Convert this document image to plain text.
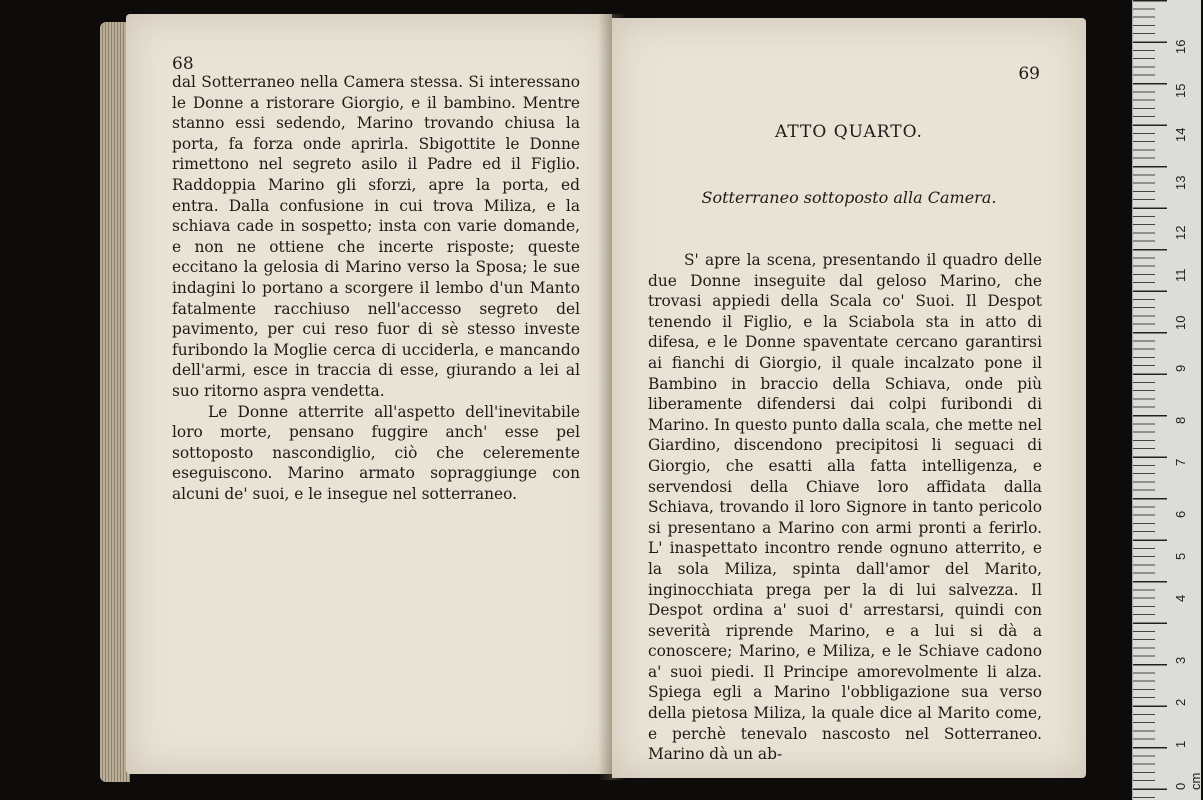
68

dal Sotterraneo nella Camera stessa. Si interessano le Donne a ristorare Giorgio, e il bambino. Mentre stanno essi sedendo, Marino trovando chiusa la porta, fa forza onde aprirla. Sbigottite le Donne rimettono nel segreto asilo il Padre ed il Figlio. Raddoppia Marino gli sforzi, apre la porta, ed entra. Dalla confusione in cui trova Miliza, e la schiava cade in sospetto; insta con varie domande, e non ne ottiene che incerte risposte; queste eccitano la gelosia di Marino verso la Sposa; le sue indagini lo portano a scorgere il lembo d'un Manto fatalmente racchiuso nell'accesso segreto del pavimento, per cui reso fuor di sè stesso investe furibondo la Moglie cerca di ucciderla, e mancando dell'armi, esce in traccia di esse, giurando a lei al suo ritorno aspra vendetta.

Le Donne atterrite all'aspetto dell'inevitabile loro morte, pensano fuggire anch' esse pel sottoposto nascondiglio, ciò che celeremente eseguiscono. Marino armato sopraggiunge con alcuni de' suoi, e le insegue nel sotterraneo.

69
ATTO QUARTO.
Sotterraneo sottoposto alla Camera.

S' apre la scena, presentando il quadro delle due Donne inseguite dal geloso Marino, che trovasi appiedi della Scala co' Suoi. Il Despot tenendo il Figlio, e la Sciabola sta in atto di difesa, e le Donne spaventate cercano garantirsi ai fianchi di Giorgio, il quale incalzato pone il Bambino in braccio della Schiava, onde più liberamente difendersi dai colpi furibondi di Marino. In questo punto dalla scala, che mette nel Giardino, discendono precipitosi li seguaci di Giorgio, che esatti alla fatta intelligenza, e servendosi della Chiave loro affidata dalla Schiava, trovando il loro Signore in tanto pericolo si presentano a Marino con armi pronti a ferirlo. L' inaspettato incontro rende ognuno atterrito, e la sola Miliza, spinta dall'amor del Marito, inginocchiata prega per la di lui salvezza. Il Despot ordina a' suoi d' arrestarsi, quindi con severità riprende Marino, e a lui si dà a conoscere; Marino, e Miliza, e le Schiave cadono a' suoi piedi. Il Principe amorevolmente li alza. Spiega egli a Marino l'obbligazione sua verso della pietosa Miliza, la quale dice al Marito come, e perchè tenevalo nascosto nel Sotterraneo. Marino dà un ab-

0 cm
1
2
3
4
5
6
7
8
9
10
11
12
13
14
15
16
